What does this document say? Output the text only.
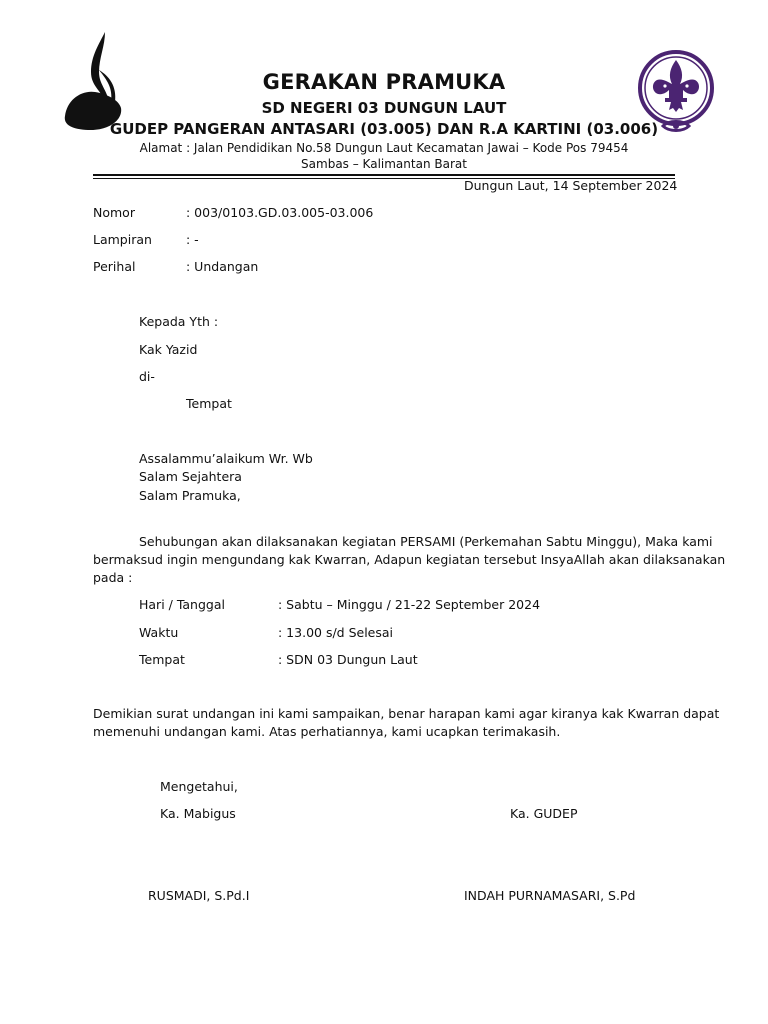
GERAKAN PRAMUKA
SD NEGERI 03 DUNGUN LAUT
GUDEP PANGERAN ANTASARI (03.005) DAN R.A KARTINI (03.006)
Alamat : Jalan Pendidikan No.58 Dungun Laut Kecamatan Jawai – Kode Pos 79454
Sambas – Kalimantan Barat
Dungun Laut, 14 September 2024
Nomor	: 003/0103.GD.03.005-03.006
Lampiran	: -
Perihal	: Undangan
Kepada Yth :
Kak Yazid
di-
Tempat
Assalammu’alaikum Wr. Wb
Salam Sejahtera
Salam Pramuka,
Sehubungan akan dilaksanakan kegiatan PERSAMI (Perkemahan Sabtu Minggu), Maka kami
bermaksud ingin mengundang kak Kwarran, Adapun kegiatan tersebut InsyaAllah akan dilaksanakan
pada :
Hari / Tanggal	: Sabtu – Minggu / 21-22 September 2024
Waktu	: 13.00 s/d Selesai
Tempat	: SDN 03 Dungun Laut
Demikian surat undangan ini kami sampaikan, benar harapan kami agar kiranya kak Kwarran dapat
memenuhi undangan kami. Atas perhatiannya, kami ucapkan terimakasih.
Mengetahui,
Ka. Mabigus	Ka. GUDEP
RUSMADI, S.Pd.I	INDAH PURNAMASARI, S.Pd
